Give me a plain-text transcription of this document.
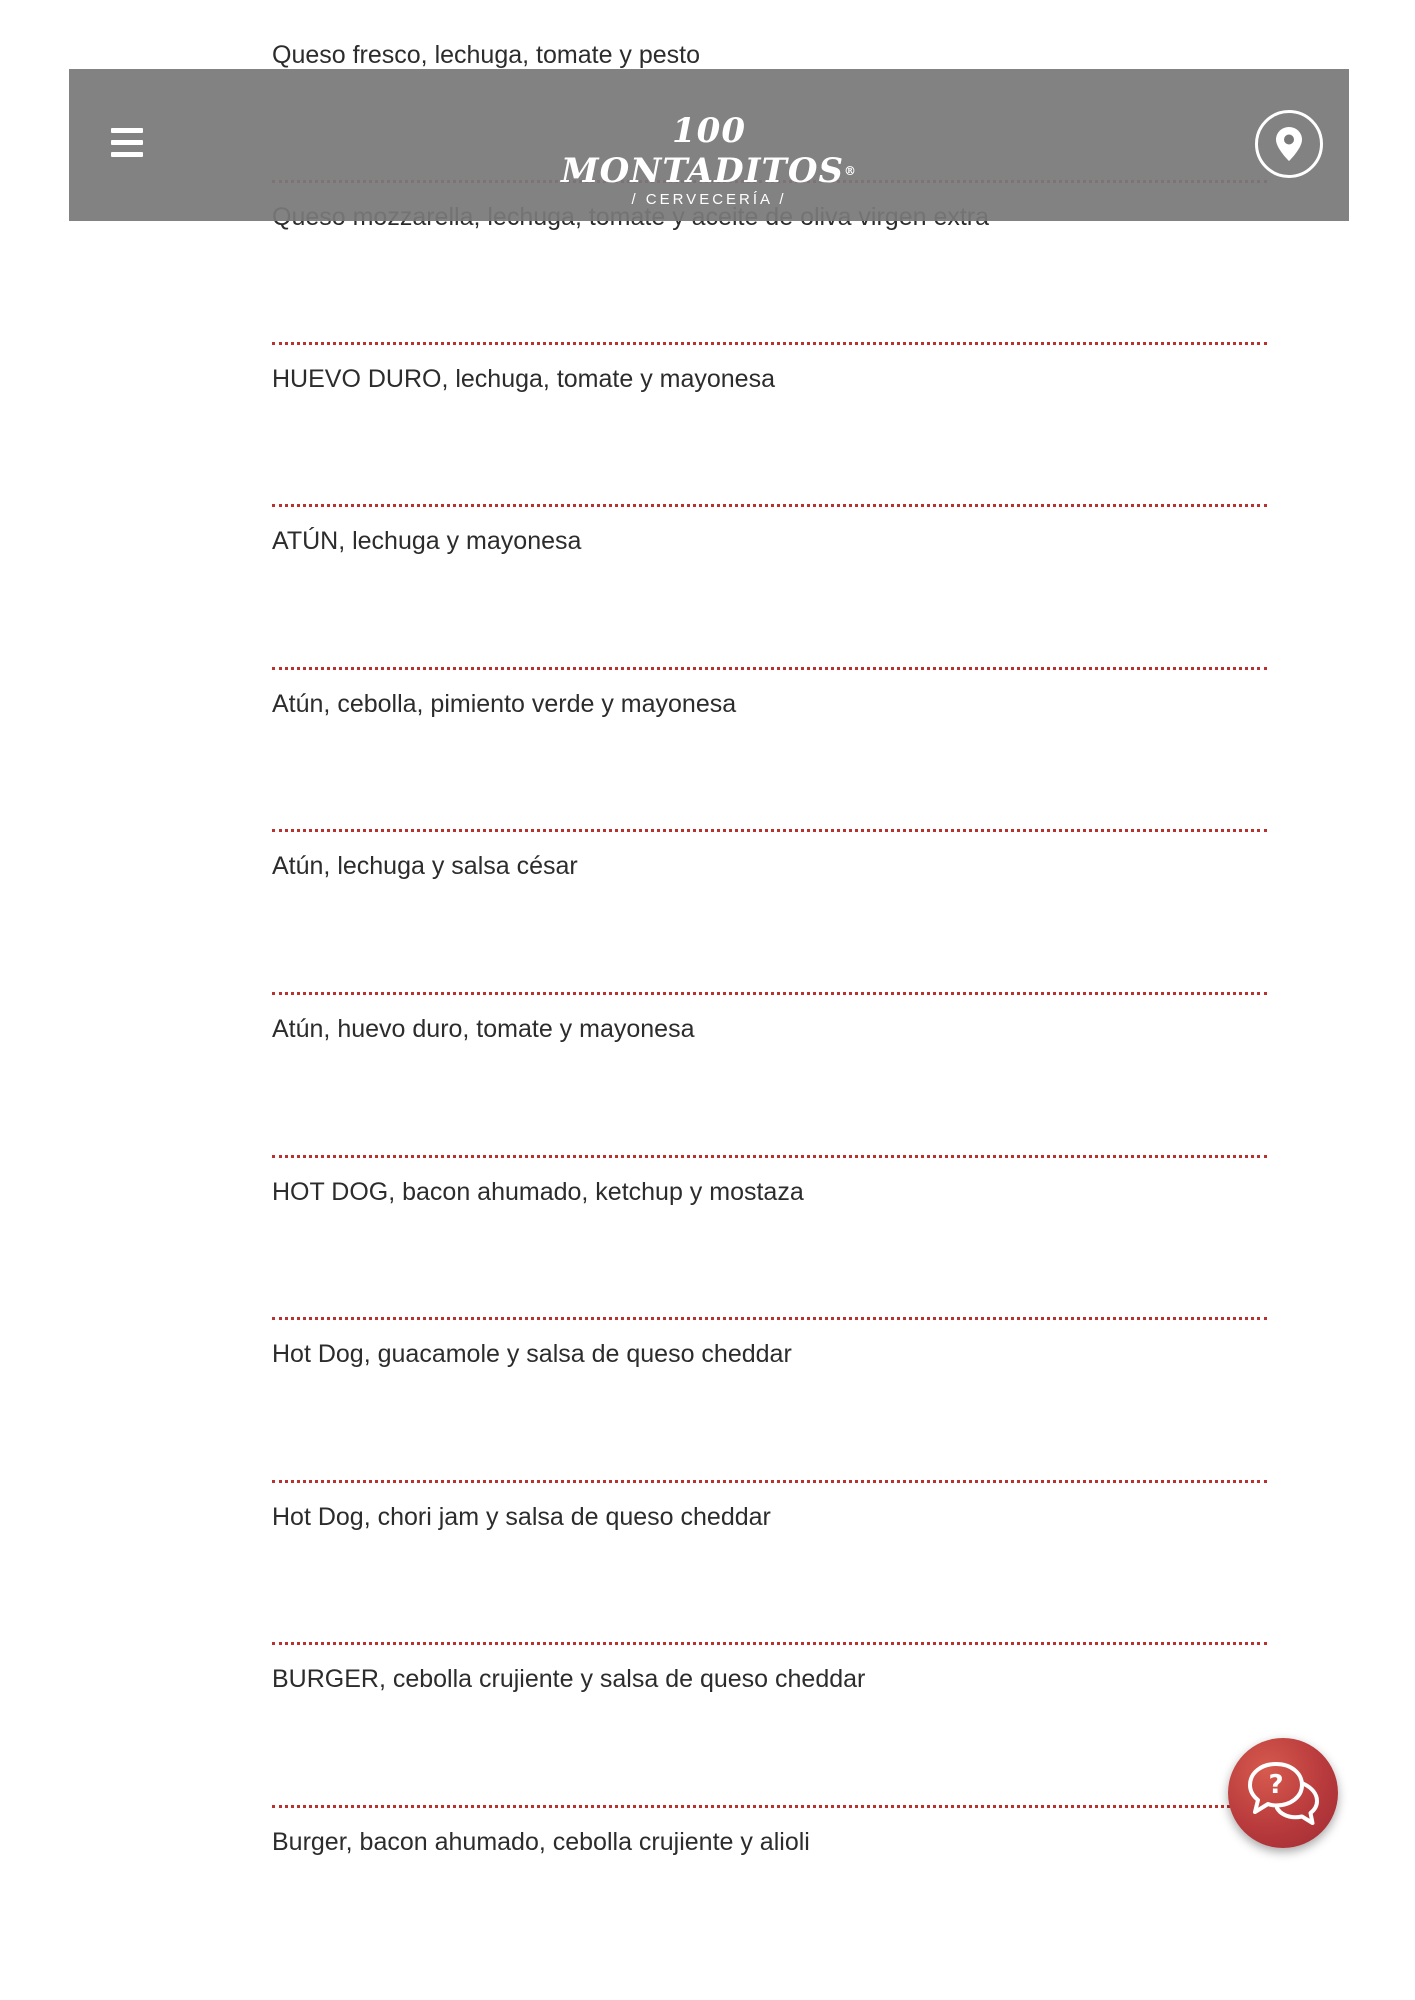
Queso fresco, lechuga, tomate y pesto
HUEVO DURO, lechuga, tomate y mayonesa
ATÚN, lechuga y mayonesa
Atún, cebolla, pimiento verde y mayonesa
Atún, lechuga y salsa césar
Atún, huevo duro, tomate y mayonesa
HOT DOG, bacon ahumado, ketchup y mostaza
Hot Dog, guacamole y salsa de queso cheddar
Hot Dog, chori jam y salsa de queso cheddar
BURGER, cebolla crujiente y salsa de queso cheddar
Burger, bacon ahumado, cebolla crujiente y alioli
100 MONTADITOS®
/ CERVECERÍA /
?
